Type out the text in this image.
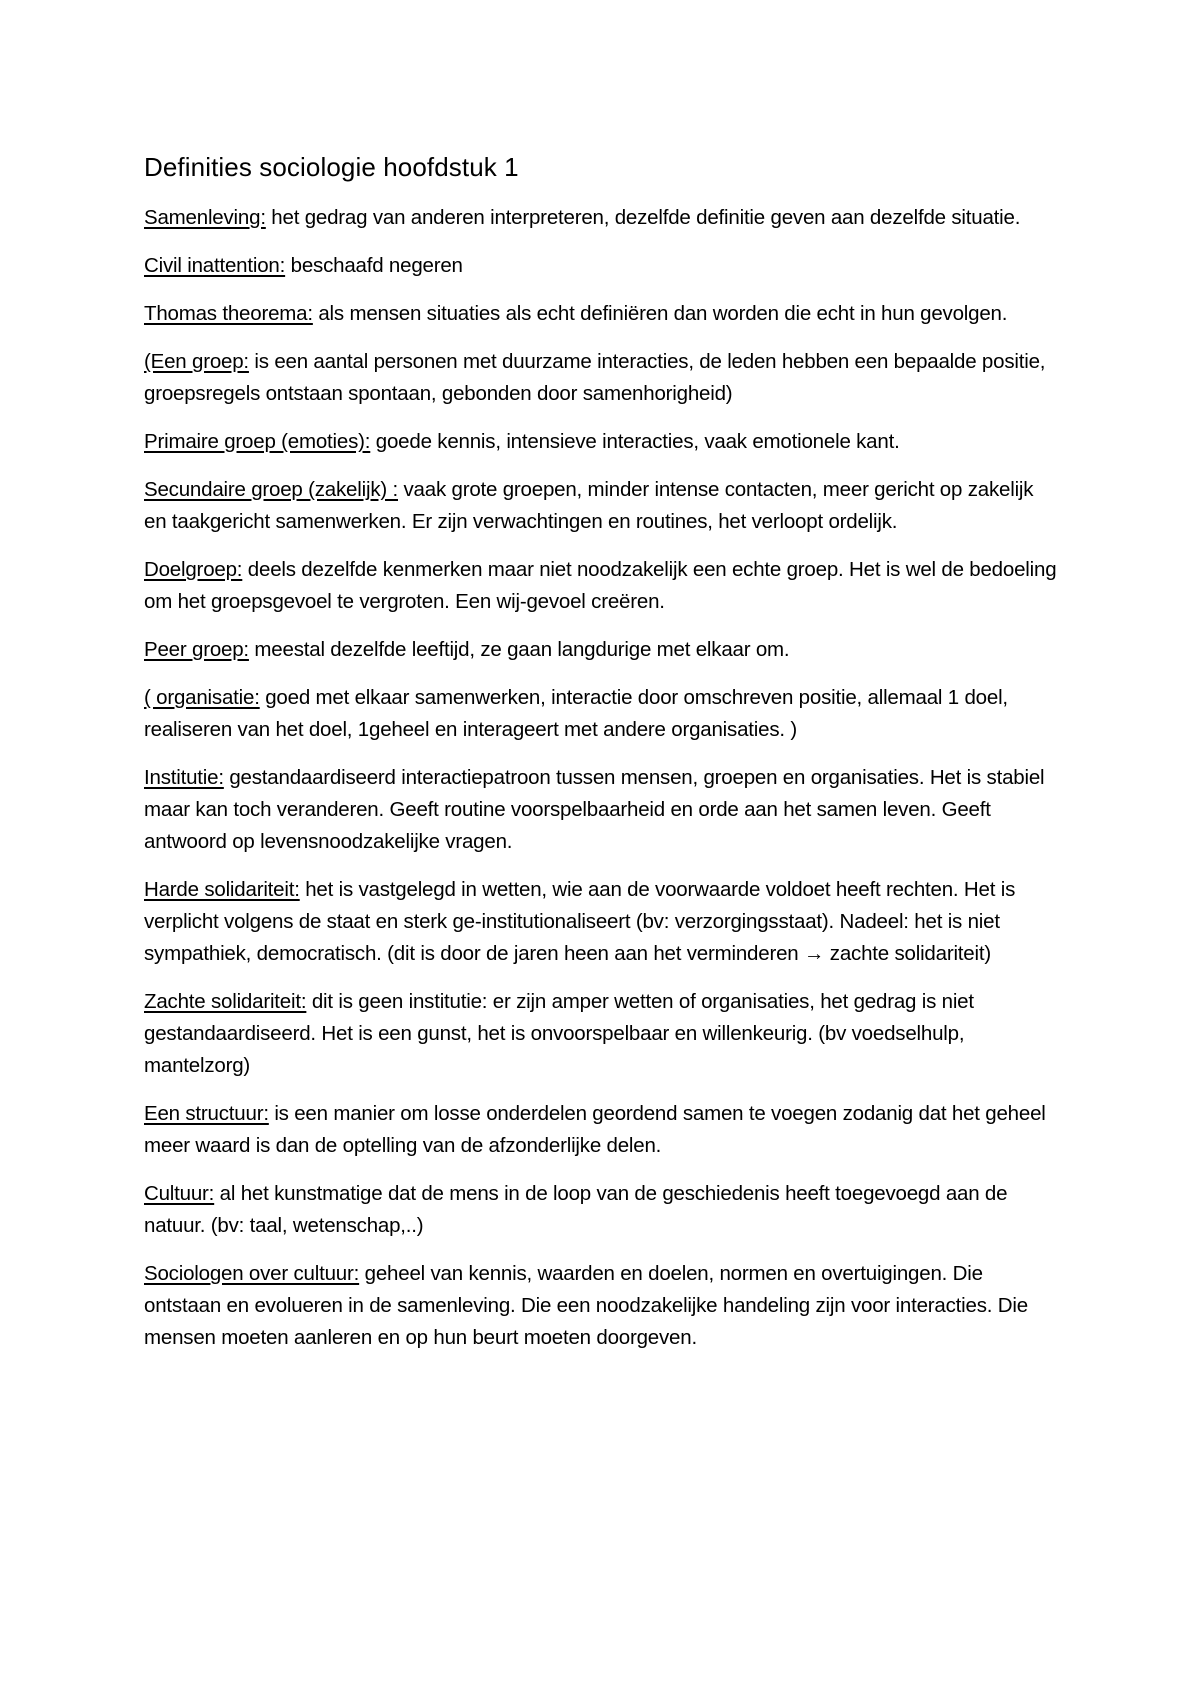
Definities sociologie hoofdstuk 1

Samenleving: het gedrag van anderen interpreteren, dezelfde definitie geven aan dezelfde situatie.

Civil inattention: beschaafd negeren

Thomas theorema: als mensen situaties als echt definiëren dan worden die echt in hun gevolgen.

(Een groep: is een aantal personen met duurzame interacties, de leden hebben een bepaalde positie, groepsregels ontstaan spontaan, gebonden door samenhorigheid)

Primaire groep (emoties): goede kennis, intensieve interacties, vaak emotionele kant.

Secundaire groep (zakelijk) : vaak grote groepen, minder intense contacten, meer gericht op zakelijk en taakgericht samenwerken. Er zijn verwachtingen en routines, het verloopt ordelijk.

Doelgroep: deels dezelfde kenmerken maar niet noodzakelijk een echte groep. Het is wel de bedoeling om het groepsgevoel te vergroten. Een wij-gevoel creëren.

Peer groep: meestal dezelfde leeftijd, ze gaan langdurige met elkaar om.

( organisatie: goed met elkaar samenwerken, interactie door omschreven positie, allemaal 1 doel, realiseren van het doel, 1geheel en interageert met andere organisaties. )

Institutie: gestandaardiseerd interactiepatroon tussen mensen, groepen en organisaties. Het is stabiel maar kan toch veranderen. Geeft routine voorspelbaarheid en orde aan het samen leven. Geeft antwoord op levensnoodzakelijke vragen.

Harde solidariteit: het is vastgelegd in wetten, wie aan de voorwaarde voldoet heeft rechten. Het is verplicht volgens de staat en sterk ge-institutionaliseert (bv: verzorgingsstaat). Nadeel: het is niet sympathiek, democratisch. (dit is door de jaren heen aan het verminderen → zachte solidariteit)

Zachte solidariteit: dit is geen institutie: er zijn amper wetten of organisaties, het gedrag is niet gestandaardiseerd. Het is een gunst, het is onvoorspelbaar en willenkeurig. (bv voedselhulp, mantelzorg)

Een structuur: is een manier om losse onderdelen geordend samen te voegen zodanig dat het geheel meer waard is dan de optelling van de afzonderlijke delen.

Cultuur: al het kunstmatige dat de mens in de loop van de geschiedenis heeft toegevoegd aan de natuur. (bv: taal, wetenschap,..)

Sociologen over cultuur: geheel van kennis, waarden en doelen, normen en overtuigingen. Die ontstaan en evolueren in de samenleving. Die een noodzakelijke handeling zijn voor interacties. Die mensen moeten aanleren en op hun beurt moeten doorgeven.
